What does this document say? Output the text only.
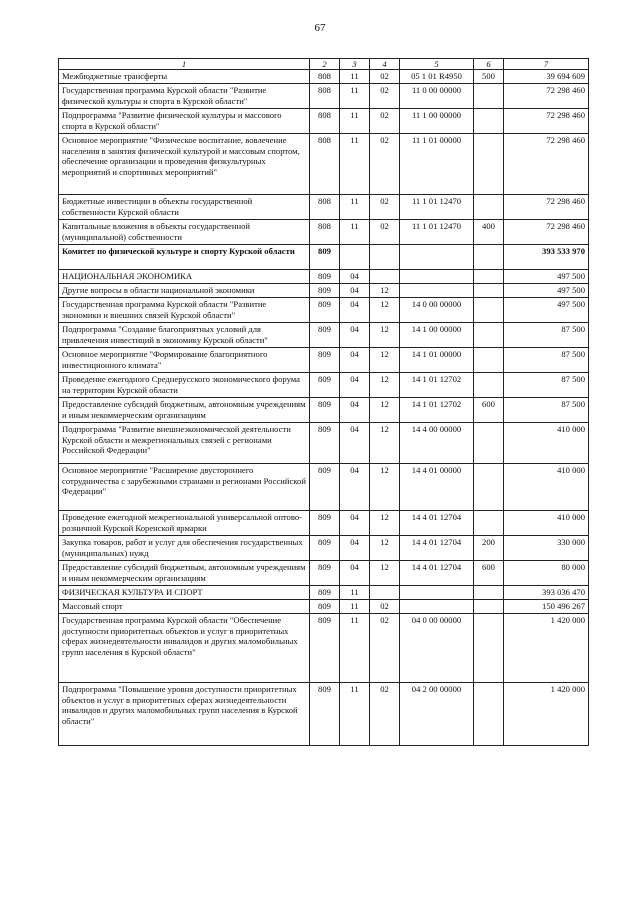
67
1	2	3	4	5	6	7
Межбюджетные трансферты	808	11	02	05 1 01 R4950	500	39 694 609
Государственная программа Курской области "Развитие физической культуры и спорта в Курской области"	808	11	02	11 0 00 00000		72 298 460
Подпрограмма "Развитие физической культуры и массового спорта в Курской области"	808	11	02	11 1 00 00000		72 298 460
Основное мероприятие "Физическое воспитание, вовлечение населения в занятия физической культурой и массовым спортом, обеспечение организации и проведения физкультурных мероприятий и спортивных мероприятий"	808	11	02	11 1 01 00000		72 298 460
Бюджетные инвестиции в объекты государственной собственности Курской области	808	11	02	11 1 01 12470		72 298 460
Капитальные вложения в объекты государственной (муниципальной) собственности	808	11	02	11 1 01 12470	400	72 298 460
Комитет по физической культуре и спорту Курской области	809					393 533 970
НАЦИОНАЛЬНАЯ ЭКОНОМИКА	809	04				497 500
Другие вопросы в области национальной экономики	809	04	12			497 500
Государственная программа Курской области "Развитие экономики и внешних связей Курской области"	809	04	12	14 0 00 00000		497 500
Подпрограмма "Создание благоприятных условий для привлечения инвестиций в экономику Курской области"	809	04	12	14 1 00 00000		87 500
Основное мероприятие "Формирование благоприятного инвестиционного климата"	809	04	12	14 1 01 00000		87 500
Проведение ежегодного Среднерусского экономического форума на территории Курской области	809	04	12	14 1 01 12702		87 500
Предоставление субсидий бюджетным, автономным учреждениям и иным некоммерческим организациям	809	04	12	14 1 01 12702	600	87 500
Подпрограмма "Развитие внешнеэкономической деятельности Курской области и межрегиональных связей с регионами Российской Федерации"	809	04	12	14 4 00 00000		410 000
Основное мероприятие "Расширение двустороннего сотрудничества с зарубежными странами и регионами Российской Федерации"	809	04	12	14 4 01 00000		410 000
Проведение ежегодной межрегиональной универсальной оптово-розничной Курской Коренской ярмарки	809	04	12	14 4 01 12704		410 000
Закупка товаров, работ и услуг для обеспечения государственных (муниципальных) нужд	809	04	12	14 4 01 12704	200	330 000
Предоставление субсидий бюджетным, автономным учреждениям и иным некоммерческим организациям	809	04	12	14 4 01 12704	600	80 000
ФИЗИЧЕСКАЯ КУЛЬТУРА И СПОРТ	809	11				393 036 470
Массовый спорт	809	11	02			150 496 267
Государственная программа Курской области "Обеспечение доступности приоритетных объектов и услуг в приоритетных сферах жизнедеятельности инвалидов и других маломобильных групп населения в Курской области"	809	11	02	04 0 00 00000		1 420 000
Подпрограмма "Повышение уровня доступности приоритетных объектов и услуг в приоритетных сферах жизнедеятельности инвалидов и других маломобильных групп населения в Курской области"	809	11	02	04 2 00 00000		1 420 000
